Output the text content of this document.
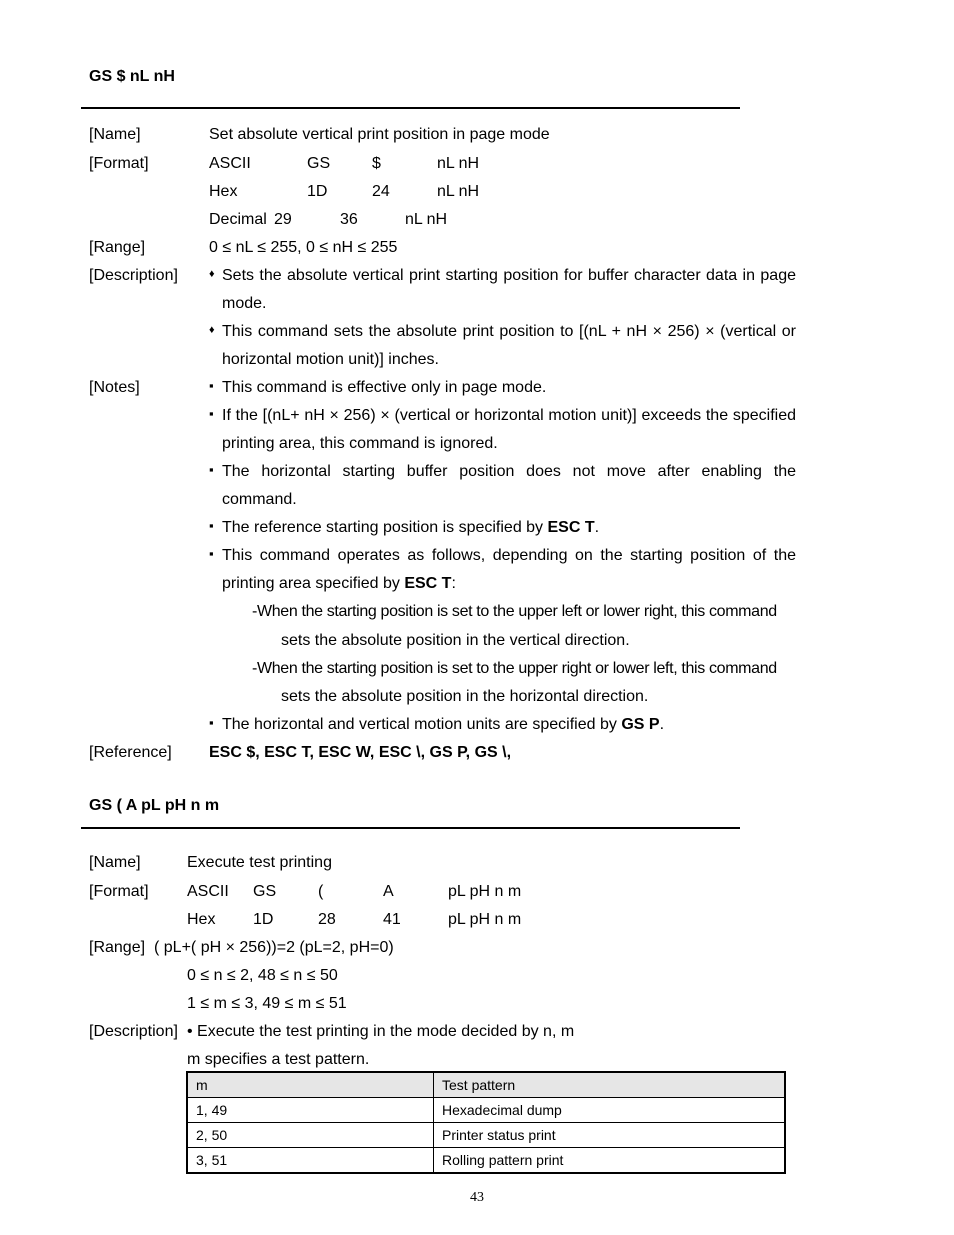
GS $ nL nH
[Name]	Set absolute vertical print position in page mode
[Format]	ASCII	GS	$	nL nH
Hex	1D	24	nL nH
Decimal 29	36	nL nH
[Range]	0 ≤ nL ≤ 255, 0 ≤ nH ≤ 255
[Description]	♦ Sets the absolute vertical print starting position for buffer character data in page
mode.
♦ This command sets the absolute print position to [(nL + nH × 256) × (vertical or
horizontal motion unit)] inches.
[Notes]	▪ This command is effective only in page mode.
▪ If the [(nL+ nH × 256) × (vertical or horizontal motion unit)] exceeds the specified
printing area, this command is ignored.
▪ The horizontal starting buffer position does not move after enabling the
command.
▪ The reference starting position is specified by ESC T.
▪ This command operates as follows, depending on the starting position of the
printing area specified by ESC T:
-When the starting position is set to the upper left or lower right, this command
sets the absolute position in the vertical direction.
-When the starting position is set to the upper right or lower left, this command
sets the absolute position in the horizontal direction.
▪ The horizontal and vertical motion units are specified by GS P.
[Reference] ESC $, ESC T, ESC W, ESC \, GS P, GS \,
GS ( A pL pH n m
[Name]	Execute test printing
[Format] ASCII GS	(	A	pL pH n m
Hex 1D	28	41	pL pH n m
[Range] ( pL+( pH × 256))=2 (pL=2, pH=0)
0 ≤ n ≤ 2, 48 ≤ n ≤ 50
1 ≤ m ≤ 3, 49 ≤ m ≤ 51
[Description] • Execute the test printing in the mode decided by n, m
m specifies a test pattern.
m	Test pattern
1, 49	Hexadecimal dump
2, 50	Printer status print
3, 51	Rolling pattern print
43
